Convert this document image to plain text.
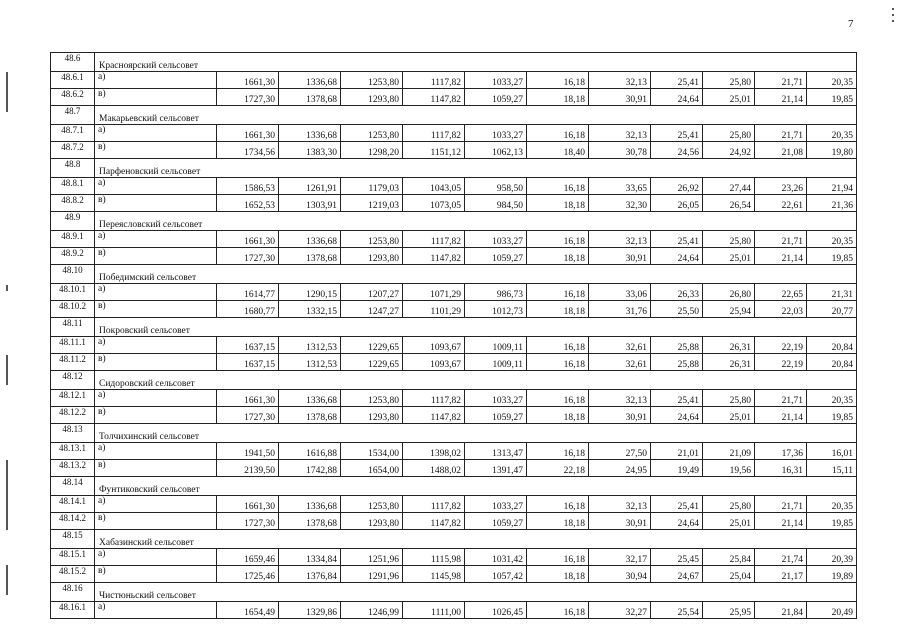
7
48.6	Красноярский сельсовет											
48.6.1	а)	1661,30	1336,68	1253,80	1117,82	1033,27	16,18	32,13	25,41	25,80	21,71	20,35
48.6.2	в)	1727,30	1378,68	1293,80	1147,82	1059,27	18,18	30,91	24,64	25,01	21,14	19,85
48.7	Макарьевский сельсовет											
48.7.1	а)	1661,30	1336,68	1253,80	1117,82	1033,27	16,18	32,13	25,41	25,80	21,71	20,35
48.7.2	в)	1734,56	1383,30	1298,20	1151,12	1062,13	18,40	30,78	24,56	24,92	21,08	19,80
48.8	Парфеновский сельсовет											
48.8.1	а)	1586,53	1261,91	1179,03	1043,05	958,50	16,18	33,65	26,92	27,44	23,26	21,94
48.8.2	в)	1652,53	1303,91	1219,03	1073,05	984,50	18,18	32,30	26,05	26,54	22,61	21,36
48.9	Переясловский сельсовет											
48.9.1	а)	1661,30	1336,68	1253,80	1117,82	1033,27	16,18	32,13	25,41	25,80	21,71	20,35
48.9.2	в)	1727,30	1378,68	1293,80	1147,82	1059,27	18,18	30,91	24,64	25,01	21,14	19,85
48.10	Победимский сельсовет											
48.10.1	а)	1614,77	1290,15	1207,27	1071,29	986,73	16,18	33,06	26,33	26,80	22,65	21,31
48.10.2	в)	1680,77	1332,15	1247,27	1101,29	1012,73	18,18	31,76	25,50	25,94	22,03	20,77
48.11	Покровский сельсовет											
48.11.1	а)	1637,15	1312,53	1229,65	1093,67	1009,11	16,18	32,61	25,88	26,31	22,19	20,84
48.11.2	в)	1637,15	1312,53	1229,65	1093,67	1009,11	16,18	32,61	25,88	26,31	22,19	20,84
48.12	Сидоровский сельсовет											
48.12.1	а)	1661,30	1336,68	1253,80	1117,82	1033,27	16,18	32,13	25,41	25,80	21,71	20,35
48.12.2	в)	1727,30	1378,68	1293,80	1147,82	1059,27	18,18	30,91	24,64	25,01	21,14	19,85
48.13	Толчихинский сельсовет											
48.13.1	а)	1941,50	1616,88	1534,00	1398,02	1313,47	16,18	27,50	21,01	21,09	17,36	16,01
48.13.2	в)	2139,50	1742,88	1654,00	1488,02	1391,47	22,18	24,95	19,49	19,56	16,31	15,11
48.14	Фунтиковский сельсовет											
48.14.1	а)	1661,30	1336,68	1253,80	1117,82	1033,27	16,18	32,13	25,41	25,80	21,71	20,35
48.14.2	в)	1727,30	1378,68	1293,80	1147,82	1059,27	18,18	30,91	24,64	25,01	21,14	19,85
48.15	Хабазинский сельсовет											
48.15.1	а)	1659,46	1334,84	1251,96	1115,98	1031,42	16,18	32,17	25,45	25,84	21,74	20,39
48.15.2	в)	1725,46	1376,84	1291,96	1145,98	1057,42	18,18	30,94	24,67	25,04	21,17	19,89
48.16	Чистюньский сельсовет											
48.16.1	а)	1654,49	1329,86	1246,99	1111,00	1026,45	16,18	32,27	25,54	25,95	21,84	20,49
